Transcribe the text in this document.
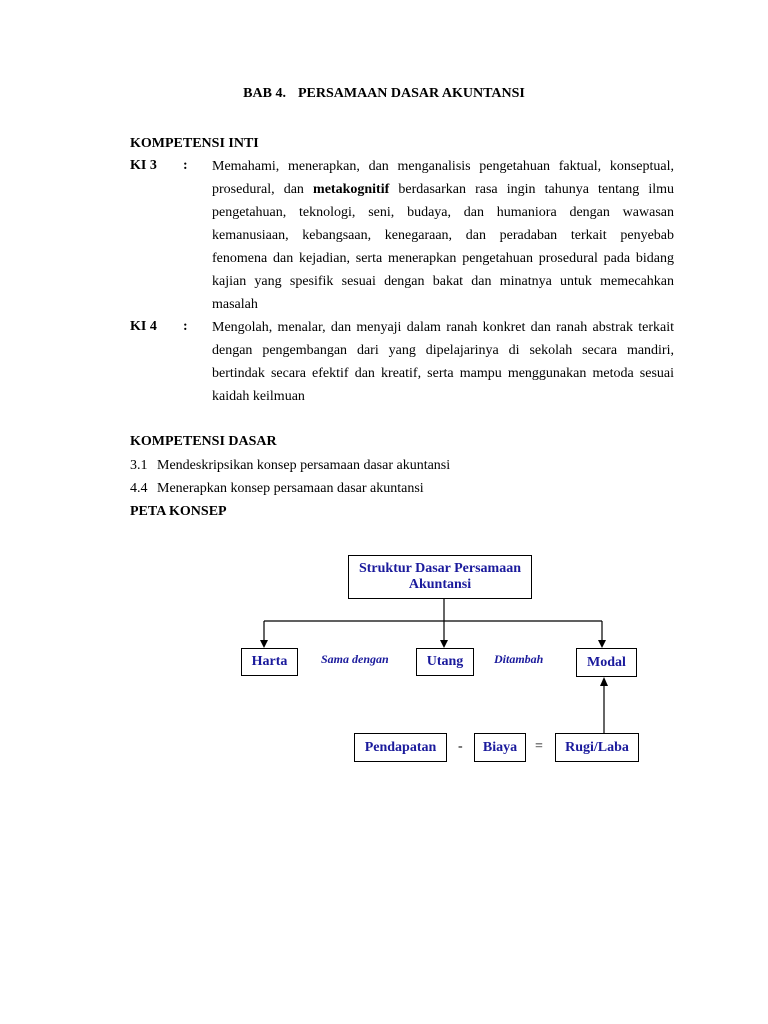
BAB 4. PERSAMAAN DASAR AKUNTANSI
KOMPETENSI INTI
KI 3 : Memahami, menerapkan, dan menganalisis pengetahuan faktual, konseptual,
prosedural, dan metakognitif berdasarkan rasa ingin tahunya tentang ilmu
pengetahuan, teknologi, seni, budaya, dan humaniora dengan wawasan
kemanusiaan, kebangsaan, kenegaraan, dan peradaban terkait penyebab
fenomena dan kejadian, serta menerapkan pengetahuan prosedural pada bidang
kajian yang spesifik sesuai dengan bakat dan minatnya untuk memecahkan
masalah
KI 4 : Mengolah, menalar, dan menyaji dalam ranah konkret dan ranah abstrak terkait
dengan pengembangan dari yang dipelajarinya di sekolah secara mandiri,
bertindak secara efektif dan kreatif, serta mampu menggunakan metoda sesuai
kaidah keilmuan
KOMPETENSI DASAR
3.1 Mendeskripsikan konsep persamaan dasar akuntansi
4.4 Menerapkan konsep persamaan dasar akuntansi
PETA KONSEP
Struktur Dasar Persamaan Akuntansi
Harta	Sama dengan	Utang	Ditambah	Modal
Pendapatan	-	Biaya	=	Rugi/Laba
